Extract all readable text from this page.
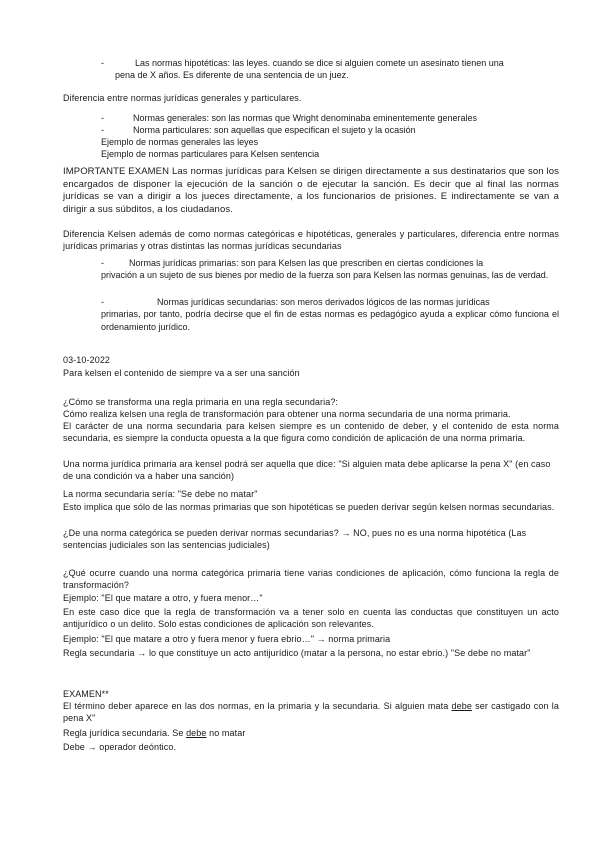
-	Las normas hipotéticas: las leyes. cuando se dice si alguien comete un asesinato tienen una
pena de X años. Es diferente de una sentencia de un juez.
Diferencia entre normas jurídicas generales y particulares.
-	Normas generales: son las normas que Wright denominaba eminentemente generales
-	Norma particulares: son aquellas que especifican el sujeto y la ocasión
Ejemplo de normas generales las leyes
Ejemplo de normas particulares para Kelsen sentencia
IMPORTANTE EXAMEN Las normas jurídicas para Kelsen se dirigen directamente a sus destinatarios que son los encargados de disponer la ejecución de la sanción o de ejecutar la sanción. Es decir que al final las normas jurídicas se van a dirigir a los jueces directamente, a los funcionarios de prisiones. E indirectamente se van a dirigir a sus súbditos, a los ciudadanos.
Diferencia Kelsen además de como normas categóricas e hipotéticas, generales y particulares, diferencia entre normas jurídicas primarias y otras distintas las normas jurídicas secundarias
-	Normas jurídicas primarias: son para Kelsen las que prescriben en ciertas condiciones la
privación a un sujeto de sus bienes por medio de la fuerza son para Kelsen las normas genuinas, las de verdad.
-	Normas jurídicas secundarias: son meros derivados lógicos de las normas jurídicas
primarias, por tanto, podría decirse que el fin de estas normas es pedagógico ayuda a explicar cómo funciona el ordenamiento jurídico.
03-10-2022
Para kelsen el contenido de siempre va a ser una sanción
¿Cómo se transforma una regla primaria en una regla secundaria?:
Cómo realiza kelsen una regla de transformación para obtener una norma secundaria de una norma primaria.
El carácter de una norma secundaria para kelsen siempre es un contenido de deber, y el contenido de esta norma secundaria, es siempre la conducta opuesta a la que figura como condición de aplicación de una norma primaria.
Una norma jurídica primaria ara kensel podrá ser aquella que dice: "Si alguien mata debe aplicarse la pena X" (en caso de una condición va a haber una sanción)
La norma secundaria sería: "Se debe no matar"
Esto implica que sólo de las normas primarias que son hipotéticas se pueden derivar según kelsen normas secundarias.
¿De una norma categórica se pueden derivar normas secundarias? → NO, pues no es una norma hipotética (Las sentencias judiciales son las sentencias judiciales)
¿Qué ocurre cuando una norma categórica primaria tiene varias condiciones de aplicación, cómo funciona la regla de transformación?
Ejemplo: "El que matare a otro, y fuera menor…"
En este caso dice que la regla de transformación va a tener solo en cuenta las conductas que constituyen un acto antijurídico o un delito. Solo estas condiciones de aplicación son relevantes.
Ejemplo: "El que matare a otro y fuera menor y fuera ebrio…" → norma primaria
Regla secundaria → lo que constituye un acto antijurídico (matar a la persona, no estar ebrio.) "Se debe no matar"
EXAMEN**
El término deber aparece en las dos normas, en la primaria y la secundaria. Si alguien mata debe ser castigado con la pena X"
Regla jurídica secundaria. Se debe no matar
Debe → operador deóntico.
